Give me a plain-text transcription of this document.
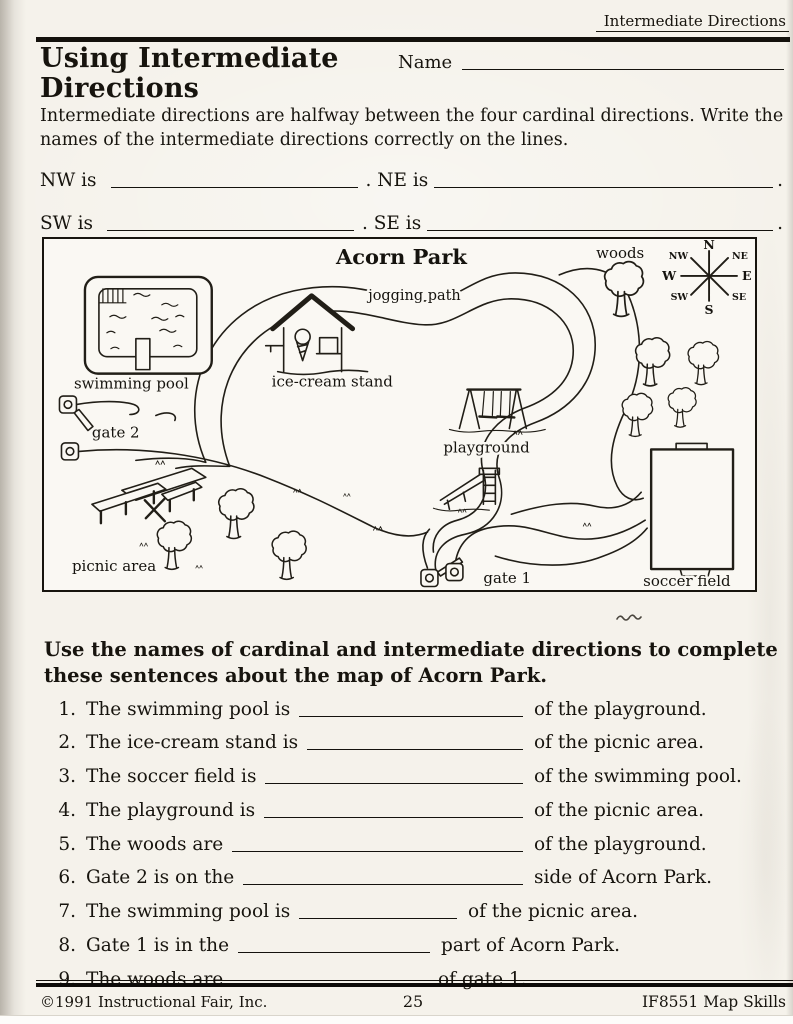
Intermediate Directions
Using Intermediate Directions
Name

Intermediate directions are halfway between the four cardinal directions. Write the names of the intermediate directions correctly on the lines.

NW is	. NE is	.
SW is	. SE is	.
N
S
W	E
NW	NE
SW	SE
Acorn Park	woods
jogging path
swimming pool	ice-cream stand
playground
gate 2
picnic area
gate 1	soccer field
Use the names of cardinal and intermediate directions to complete these sentences about the map of Acorn Park.
1. The swimming pool is	of the playground.
2. The ice-cream stand is	of the picnic area.
3. The soccer field is	of the swimming pool.
4. The playground is	of the picnic area.
5. The woods are	of the playground.
6. Gate 2 is on the	side of Acorn Park.
7. The swimming pool is	of the picnic area.
8. Gate 1 is in the	part of Acorn Park.
9. The woods are	of gate 1.
©1991 Instructional Fair, Inc.	25	IF8551 Map Skills
